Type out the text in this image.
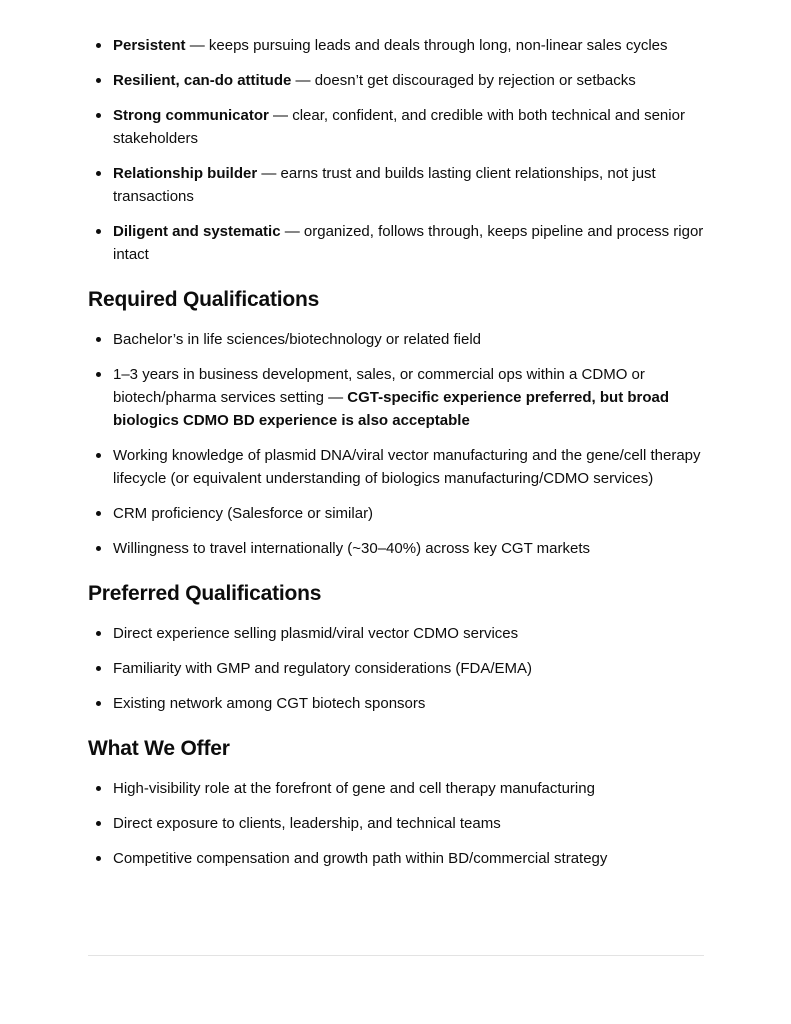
Persistent — keeps pursuing leads and deals through long, non-linear sales cycles
Resilient, can-do attitude — doesn’t get discouraged by rejection or setbacks
Strong communicator — clear, confident, and credible with both technical and senior stakeholders
Relationship builder — earns trust and builds lasting client relationships, not just transactions
Diligent and systematic — organized, follows through, keeps pipeline and process rigor intact
Required Qualifications
Bachelor’s in life sciences/biotechnology or related field
1–3 years in business development, sales, or commercial ops within a CDMO or biotech/pharma services setting — CGT-specific experience preferred, but broad biologics CDMO BD experience is also acceptable
Working knowledge of plasmid DNA/viral vector manufacturing and the gene/cell therapy lifecycle (or equivalent understanding of biologics manufacturing/CDMO services)
CRM proficiency (Salesforce or similar)
Willingness to travel internationally (~30–40%) across key CGT markets
Preferred Qualifications
Direct experience selling plasmid/viral vector CDMO services
Familiarity with GMP and regulatory considerations (FDA/EMA)
Existing network among CGT biotech sponsors
What We Offer
High-visibility role at the forefront of gene and cell therapy manufacturing
Direct exposure to clients, leadership, and technical teams
Competitive compensation and growth path within BD/commercial strategy
